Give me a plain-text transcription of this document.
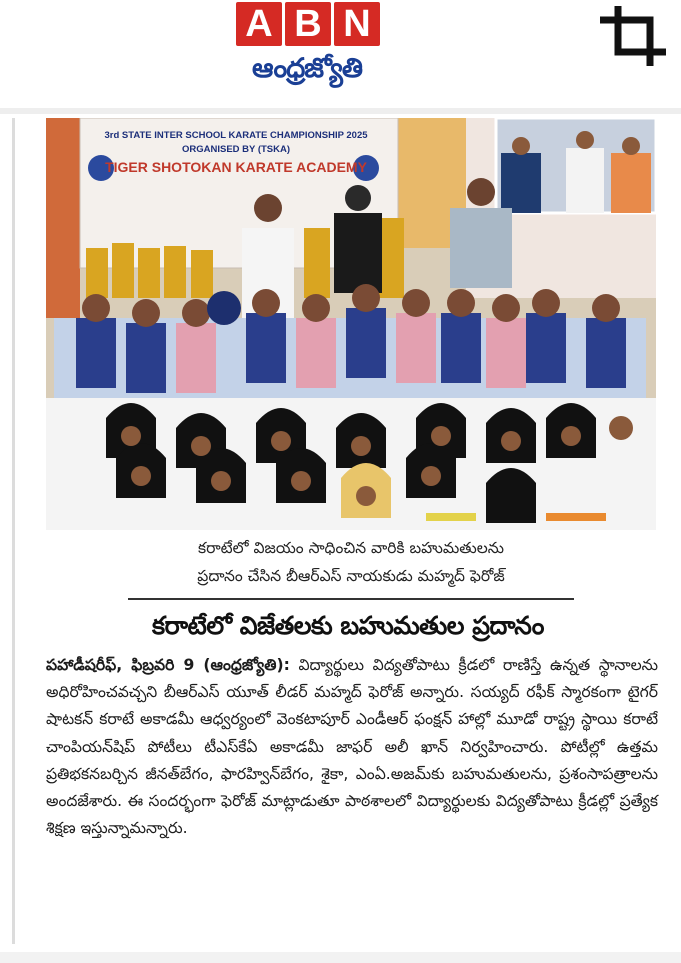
A B N
ఆంధ్రజ్యోతి
3rd STATE INTER SCHOOL KARATE CHAMPIONSHIP 2025
ORGANISED BY (TSKA)
TIGER SHOTOKAN KARATE ACADEMY
కరాటేలో విజయం సాధించిన వారికి బహుమతులను
ప్రదానం చేసిన బీఆర్ఎస్ నాయకుడు మహ్మద్ ఫెరోజ్
కరాటేలో విజేతలకు బహుమతుల ప్రదానం
పహాడీషరీఫ్, ఫిబ్రవరి 9 (ఆంధ్రజ్యోతి): విద్యార్థులు విద్యతోపాటు క్రీడలో రాణిస్తే ఉన్నత స్థానాలను అధిరోహించవచ్చని బీఆర్ఎస్ యూత్ లీడర్ మహ్మద్ ఫెరోజ్ అన్నారు. సయ్యద్ రఫీక్ స్మారకంగా టైగర్ షాటకన్ కరాటే అకాడమీ ఆధ్వర్యంలో వెంకటాపూర్ ఎండీఆర్ ఫంక్షన్ హాల్లో మూడో రాష్ట్ర స్థాయి కరాటే చాంపియన్‌షిప్ పోటీలు టీఎస్‌కేఏ అకాడమీ జాఫర్ అలీ ఖాన్ నిర్వహించారు. పోటీల్లో ఉత్తమ ప్రతిభకనబర్చిన జీనత్‌బేగం, ఫారహ్విన్‌బేగం, శైకా, ఎంఏ.అజమ్‌కు బహుమతులను, ప్రశంసాపత్రాలను అందజేశారు. ఈ సందర్భంగా ఫెరోజ్ మాట్లాడుతూ పాఠశాలలో విద్యార్థులకు విద్యతోపాటు క్రీడల్లో ప్రత్యేక శిక్షణ ఇస్తున్నామన్నారు.
